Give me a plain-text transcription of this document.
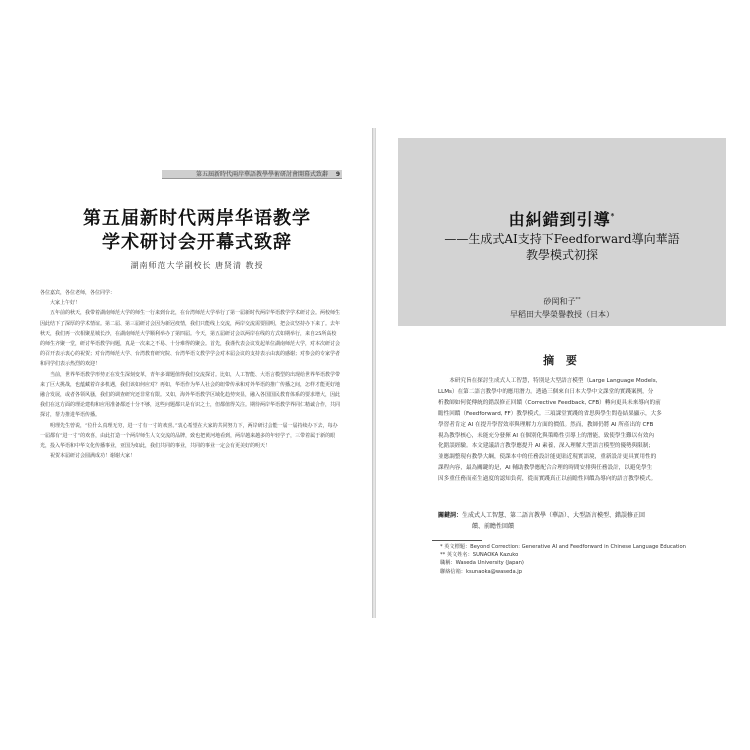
第五屆新時代兩岸華語教學學術研討會開幕式致辭 9
第五届新时代两岸华语教学
学术研讨会开幕式致辞
湖南师范大学副校长 唐贤清 教授

各位嘉宾，各位老师，各位同学：

大家上午好！

五年前的秋天，我带着湖南师范大学的师生一行来到台北，在台湾师范大学举行了第一届新时代两岸华语教学学术研讨会。两校师生因此结下了深厚的学术情谊。第二届、第三届研讨会因为新冠疫情，我们只能线上交流，两岸交流需要圆明，把会议坚持办下来了。去年秋天，我们再一次相聚星城长沙，在湖南师范大学顺利举办了第四届。今天，第五届研讨会以两岸在线的方式如期举行，来自25所高校的师生齐聚一堂，研讨华语教学问题，真是一次来之不易、十分难得的聚会。首先，我谨代表会议发起单位湖南师范大学，对本次研讨会的召开表示衷心的祝贺；对台湾师范大学、台湾教育研究院、台湾华语文教学学会对本届会议的支持表示由衷的感谢；对参会的专家学者和同学们表示热烈的欢迎！

当前，世界华语教学形势正在发生深刻变革，青年多课题值得我们交流探讨。比如，人工智能、大语言模型的出现给世界华语教学带来了巨大挑战，也蕴藏着许多机遇，我们该如何应对？再如，华语作为华人社会的纽带传承和对外华语的推广传播之间，怎样才能更好地融合发展，或者各领风骚，我们的调查研究还非常有限。又如，海外华语教学区域化趋势突显，融入各国国民教育体系的要求增大，因此我们在这方面的理论建构和应用准备都还十分不够，这些问题都只是有识之士，但都值得关注。期待两岸华语教学界同仁精诚合作，共同探讨，帮力推进华语传播。

明理先生曾说，“位什么真理无穷，进一寸有一寸的欢喜。”衷心希望在大家的共同努力下，两岸研讨会能一届一届持续办下去，每办一届都有“进一寸”的欢喜，由此打造一个两岸师生人文交流的品牌，致也把黄河地看到，两岸越来越多的年轻学子，三带着属于新的眼光，投入华语和中华文化传播事业，亚国为如此，我们共同的事业，共同的事业一定会有更美好的明天！

祝贺本届研讨会圆满成功！谢谢大家！

由糾錯到引導*
——生成式AI支持下Feedforward導向華語
教學模式初探
砂岡和子**
早稻田大學榮譽教授（日本）
摘 要
本研究旨在探討生成式人工智慧，特別是大型語言模型（Large Language Models,
LLMs）在第二語言教學中的應用潛力。透過三個來自日本大學中文課堂的實踐案例，分
析教師如何從傳統的錯誤修正回饋（Corrective Feedback, CFB）轉向更具未來導向的前
瞻性回饋（Feedforward, FF）教學模式。三項課堂實踐的省思與學生問卷結果顯示，大多
學習者肯定 AI 在提升學習效率與理解力方面的價值。然而，教師仍將 AI 所產出的 CFB
視為教學核心，未能充分發揮 AI 在個別化與策略性引導上的潛能，致使學生難以有效內
化錯誤經驗。本文建議語言教學應提升 AI 素養，深入理解大型語言模型的優勢與限制；
並應調整現有教學大綱，使課本中的任務設計能更貼近現實語境，重新設計更具實用性的
課程內容，最為關鍵的是，AI 輔助教學應配合合理的時間安排與任務設計，以避免學生
因多重任務而產生過度的認知負荷，從而實踐真正以前瞻性回饋為導向的語言教學模式。
關鍵詞：生成式人工智慧、第二語言教學（華語）、大型語言模型、錯誤修正回
饋、前瞻性回饋
* 英文標題：Beyond Correction: Generative AI and Feedforward in Chinese Language Education
** 英文姓名：SUNAOKA Kazuko
職稱：Waseda University (Japan)
聯絡信箱：ksunaoka@waseda.jp
